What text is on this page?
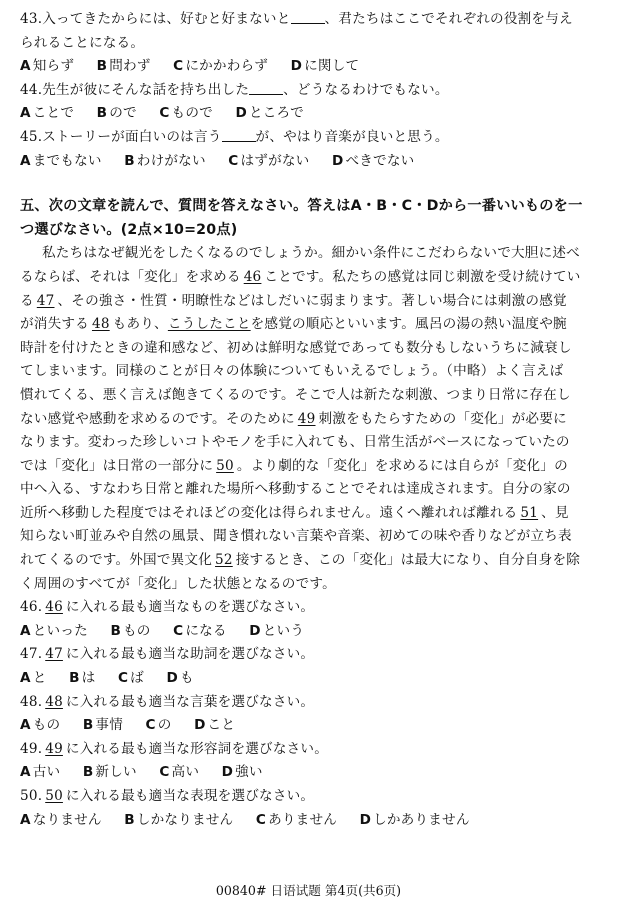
43.入ってきたからには、好むと好まないと	、君たちはここでそれぞれの役割を与え
られることになる。
A 知らず B 問わず C にかかわらず D に関して
44.先生が彼にそんな話を持ち出した	、どうなるわけでもない。
A ことで B ので C もので D ところで
45.ストーリーが面白いのは言う	が、やはり音楽が良いと思う。
A までもない B わけがない C はずがない D べきでない
五、次の文章を読んで、質問を答えなさい。答えはA・B・C・Dから一番いいものを一
つ選びなさい。(2点×10=20点)
私たちはなぜ観光をしたくなるのでしょうか。細かい条件にこだわらないで大胆に述べ
るならば、それは「変化」を求める 46 ことです。私たちの感覚は同じ刺激を受け続けてい
る 47 、その強さ・性質・明瞭性などはしだいに弱まります。著しい場合には刺激の感覚
が消失する 48 もあり、こうしたことを感覚の順応といいます。風呂の湯の熱い温度や腕
時計を付けたときの違和感など、初めは鮮明な感覚であっても数分もしないうちに減衰し
てしまいます。同様のことが日々の体験についてもいえるでしょう。（中略）よく言えば
慣れてくる、悪く言えば飽きてくるのです。そこで人は新たな刺激、つまり日常に存在し
ない感覚や感動を求めるのです。そのために 49 刺激をもたらすための「変化」が必要に
なります。変わった珍しいコトやモノを手に入れても、日常生活がベースになっていたの
では「変化」は日常の一部分に 50 。より劇的な「変化」を求めるには自らが「変化」の
中へ入る、すなわち日常と離れた場所へ移動することでそれは達成されます。自分の家の
近所へ移動した程度ではそれほどの変化は得られません。遠くへ離れれば離れる 51 、見
知らない町並みや自然の風景、聞き慣れない言葉や音楽、初めての味や香りなどが立ち表
れてくるのです。外国で異文化 52 接するとき、この「変化」は最大になり、自分自身を除
く周囲のすべてが「変化」した状態となるのです。
46. 46 に入れる最も適当なものを選びなさい。
A といった B もの C になる D という
47. 47 に入れる最も適当な助詞を選びなさい。
A と B は C ば D も
48. 48 に入れる最も適当な言葉を選びなさい。
A もの B 事情 C の D こと
49. 49 に入れる最も適当な形容詞を選びなさい。
A 古い B 新しい C 高い D 強い
50. 50 に入れる最も適当な表現を選びなさい。
A なりません B しかなりません C ありません D しかありません
00840# 日语试题 第4页(共6页)
